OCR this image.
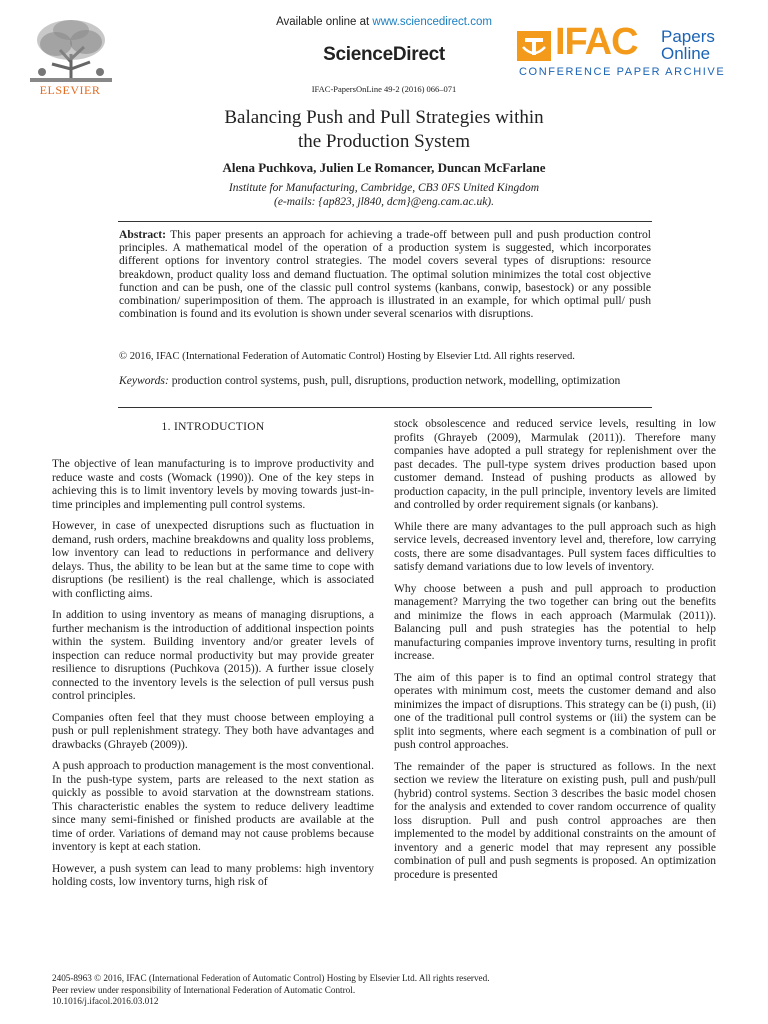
Available online at www.sciencedirect.com
ScienceDirect
IFAC-PapersOnLine 49-2 (2016) 066–071
ELSEVIER
IFAC Papers
Online
CONFERENCE PAPER ARCHIVE
Balancing Push and Pull Strategies within
the Production System
Alena Puchkova, Julien Le Romancer, Duncan McFarlane
Institute for Manufacturing, Cambridge, CB3 0FS United Kingdom
(e-mails: {ap823, jl840, dcm}@eng.cam.ac.uk).
Abstract: This paper presents an approach for achieving a trade-off between pull and push production control principles. A mathematical model of the operation of a production system is suggested, which incorporates different options for inventory control strategies. The model covers several types of disruptions: resource breakdown, product quality loss and demand fluctuation. The optimal solution minimizes the total cost objective function and can be push, one of the classic pull control systems (kanbans, conwip, basestock) or any possible combination/ superimposition of them. The approach is illustrated in an example, for which optimal pull/ push combination is found and its evolution is shown under several scenarios with disruptions.
© 2016, IFAC (International Federation of Automatic Control) Hosting by Elsevier Ltd. All rights reserved.
Keywords: production control systems, push, pull, disruptions, production network, modelling, optimization
1. INTRODUCTION

The objective of lean manufacturing is to improve productivity and reduce waste and costs (Womack (1990)). One of the key steps in achieving this is to limit inventory levels by moving towards just-in-time principles and implementing pull control systems.

However, in case of unexpected disruptions such as fluctuation in demand, rush orders, machine breakdowns and quality loss problems, low inventory can lead to reductions in performance and delivery delays. Thus, the ability to be lean but at the same time to cope with disruptions (be resilient) is the real challenge, which is associated with conflicting aims.

In addition to using inventory as means of managing disruptions, a further mechanism is the introduction of additional inspection points within the system. Building inventory and/or greater levels of inspection can reduce normal productivity but may provide greater resilience to disruptions (Puchkova (2015)). A further issue closely connected to the inventory levels is the selection of pull versus push control principles.

Companies often feel that they must choose between employing a push or pull replenishment strategy. They both have advantages and drawbacks (Ghrayeb (2009)).

A push approach to production management is the most conventional. In the push-type system, parts are released to the next station as quickly as possible to avoid starvation at the downstream stations. This characteristic enables the system to reduce delivery leadtime since many semi-finished or finished products are available at the time of order. Variations of demand may not cause problems because inventory is kept at each station.

However, a push system can lead to many problems: high inventory holding costs, low inventory turns, high risk of

stock obsolescence and reduced service levels, resulting in low profits (Ghrayeb (2009), Marmulak (2011)). Therefore many companies have adopted a pull strategy for replenishment over the past decades. The pull-type system drives production based upon customer demand. Instead of pushing products as allowed by production capacity, in the pull principle, inventory levels are limited and controlled by order requirement signals (or kanbans).

While there are many advantages to the pull approach such as high service levels, decreased inventory level and, therefore, low carrying costs, there are some disadvantages. Pull system faces difficulties to satisfy demand variations due to low levels of inventory.

Why choose between a push and pull approach to production management? Marrying the two together can bring out the benefits and minimize the flows in each approach (Marmulak (2011)). Balancing pull and push strategies has the potential to help manufacturing companies improve inventory turns, resulting in profit increase.

The aim of this paper is to find an optimal control strategy that operates with minimum cost, meets the customer demand and also minimizes the impact of disruptions. This strategy can be (i) push, (ii) one of the traditional pull control systems or (iii) the system can be split into segments, where each segment is a combination of pull or push control approaches.

The remainder of the paper is structured as follows. In the next section we review the literature on existing push, pull and push/pull (hybrid) control systems. Section 3 describes the basic model chosen for the analysis and extended to cover random occurrence of quality loss disruption. Pull and push control approaches are then implemented to the model by additional constraints on the amount of inventory and a generic model that may represent any possible combination of pull and push segments is proposed. An optimization procedure is presented

2405-8963 © 2016, IFAC (International Federation of Automatic Control) Hosting by Elsevier Ltd. All rights reserved.
Peer review under responsibility of International Federation of Automatic Control.
10.1016/j.ifacol.2016.03.012
